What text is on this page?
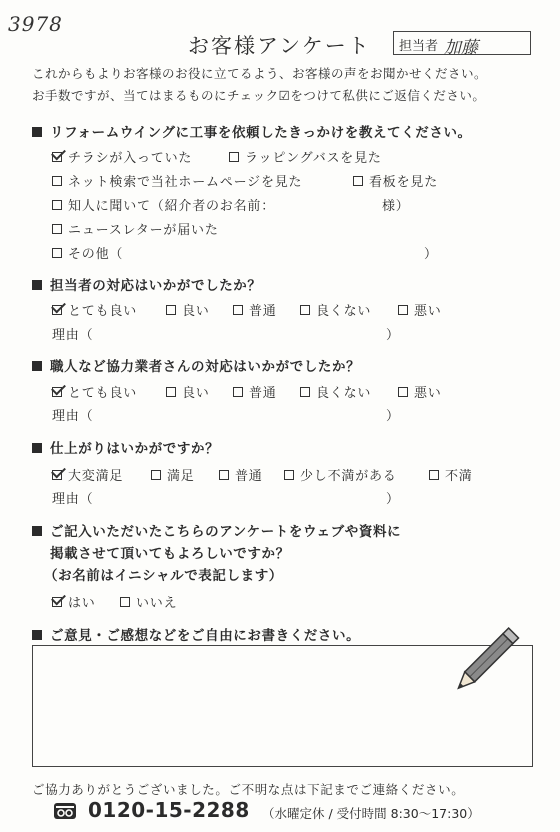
3978
お客様アンケート 担当者 加藤
これからもよりお客様のお役に立てるよう、お客様の声をお聞かせください。
お手数ですが、当てはまるものにチェック☑をつけて私供にご返信ください。
リフォームウイングに工事を依頼したきっかけを教えてください。
チラシが入っていた	ラッピングバスを見た
ネット検索で当社ホームページを見た	看板を見た
知人に聞いて（紹介者のお名前：	様）
ニュースレターが届いた
その他（	）
担当者の対応はいかがでしたか？
とても良い	良い	普通	良くない	悪い
理由（	）
職人など協力業者さんの対応はいかがでしたか？
とても良い	良い	普通	良くない	悪い
理由（	）
仕上がりはいかがですか？
大変満足	満足	普通	少し不満がある	不満
理由（	）
ご記入いただいたこちらのアンケートをウェブや資料に
掲載させて頂いてもよろしいですか？
（お名前はイニシャルで表記します）
はい	いいえ
ご意見・ご感想などをご自由にお書きください。
ご協力ありがとうございました。ご不明な点は下記までご連絡ください。
0120-15-2288 （水曜定休 / 受付時間 8:30～17:30）
